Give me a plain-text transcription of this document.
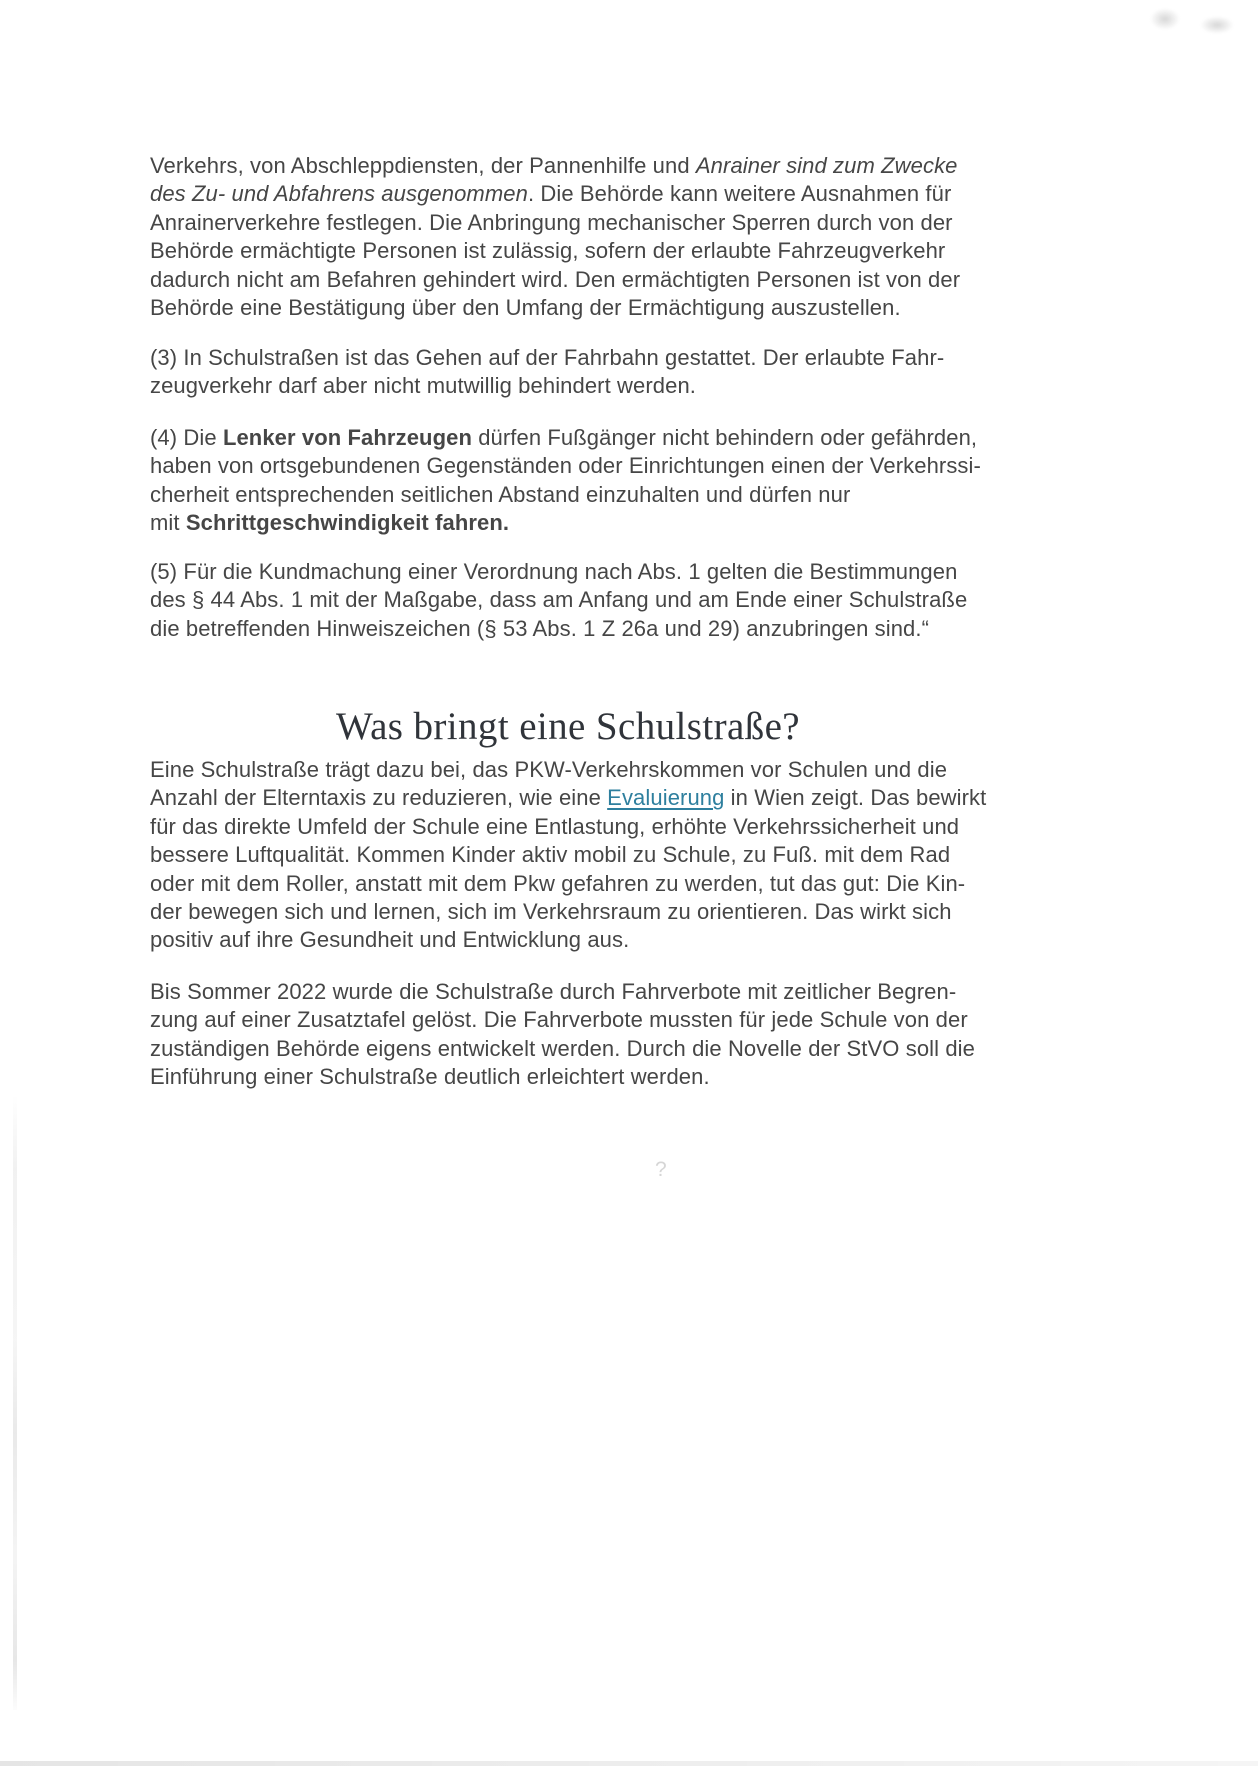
Verkehrs, von Abschleppdiensten, der Pannenhilfe und Anrainer sind zum Zwecke
des Zu- und Abfahrens ausgenommen. Die Behörde kann weitere Ausnahmen für
Anrainerverkehre festlegen. Die Anbringung mechanischer Sperren durch von der
Behörde ermächtigte Personen ist zulässig, sofern der erlaubte Fahrzeugverkehr
dadurch nicht am Befahren gehindert wird. Den ermächtigten Personen ist von der
Behörde eine Bestätigung über den Umfang der Ermächtigung auszustellen.
(3) In Schulstraßen ist das Gehen auf der Fahrbahn gestattet. Der erlaubte Fahr-
zeugverkehr darf aber nicht mutwillig behindert werden.
(4) Die Lenker von Fahrzeugen dürfen Fußgänger nicht behindern oder gefährden,
haben von ortsgebundenen Gegenständen oder Einrichtungen einen der Verkehrssi-
cherheit entsprechenden seitlichen Abstand einzuhalten und dürfen nur
mit Schrittgeschwindigkeit fahren.
(5) Für die Kundmachung einer Verordnung nach Abs. 1 gelten die Bestimmungen
des § 44 Abs. 1 mit der Maßgabe, dass am Anfang und am Ende einer Schulstraße
die betreffenden Hinweiszeichen (§ 53 Abs. 1 Z 26a und 29) anzubringen sind.“
Was bringt eine Schulstraße?
Eine Schulstraße trägt dazu bei, das PKW-Verkehrskommen vor Schulen und die
Anzahl der Elterntaxis zu reduzieren, wie eine Evaluierung in Wien zeigt. Das bewirkt
für das direkte Umfeld der Schule eine Entlastung, erhöhte Verkehrssicherheit und
bessere Luftqualität. Kommen Kinder aktiv mobil zu Schule, zu Fuß. mit dem Rad
oder mit dem Roller, anstatt mit dem Pkw gefahren zu werden, tut das gut: Die Kin-
der bewegen sich und lernen, sich im Verkehrsraum zu orientieren. Das wirkt sich
positiv auf ihre Gesundheit und Entwicklung aus.
Bis Sommer 2022 wurde die Schulstraße durch Fahrverbote mit zeitlicher Begren-
zung auf einer Zusatztafel gelöst. Die Fahrverbote mussten für jede Schule von der
zuständigen Behörde eigens entwickelt werden. Durch die Novelle der StVO soll die
Einführung einer Schulstraße deutlich erleichtert werden.
?
